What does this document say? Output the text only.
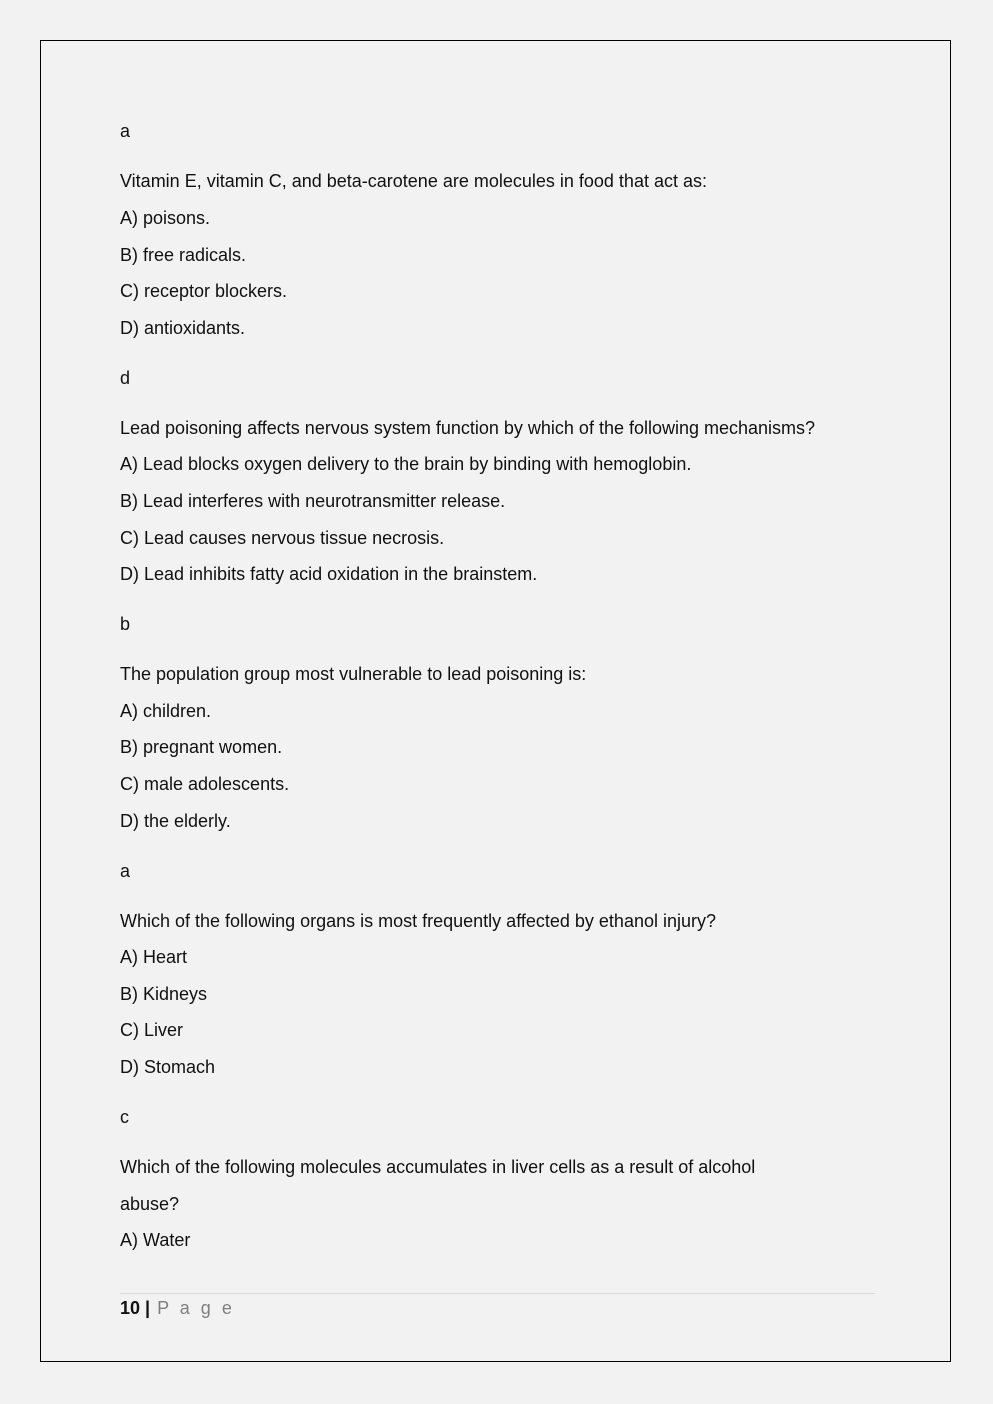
a
Vitamin E, vitamin C, and beta-carotene are molecules in food that act as:
A) poisons.
B) free radicals.
C) receptor blockers.
D) antioxidants.
d
Lead poisoning affects nervous system function by which of the following mechanisms?
A) Lead blocks oxygen delivery to the brain by binding with hemoglobin.
B) Lead interferes with neurotransmitter release.
C) Lead causes nervous tissue necrosis.
D) Lead inhibits fatty acid oxidation in the brainstem.
b
The population group most vulnerable to lead poisoning is:
A) children.
B) pregnant women.
C) male adolescents.
D) the elderly.
a
Which of the following organs is most frequently affected by ethanol injury?
A) Heart
B) Kidneys
C) Liver
D) Stomach
c
Which of the following molecules accumulates in liver cells as a result of alcohol
abuse?
A) Water
10 | P a g e
